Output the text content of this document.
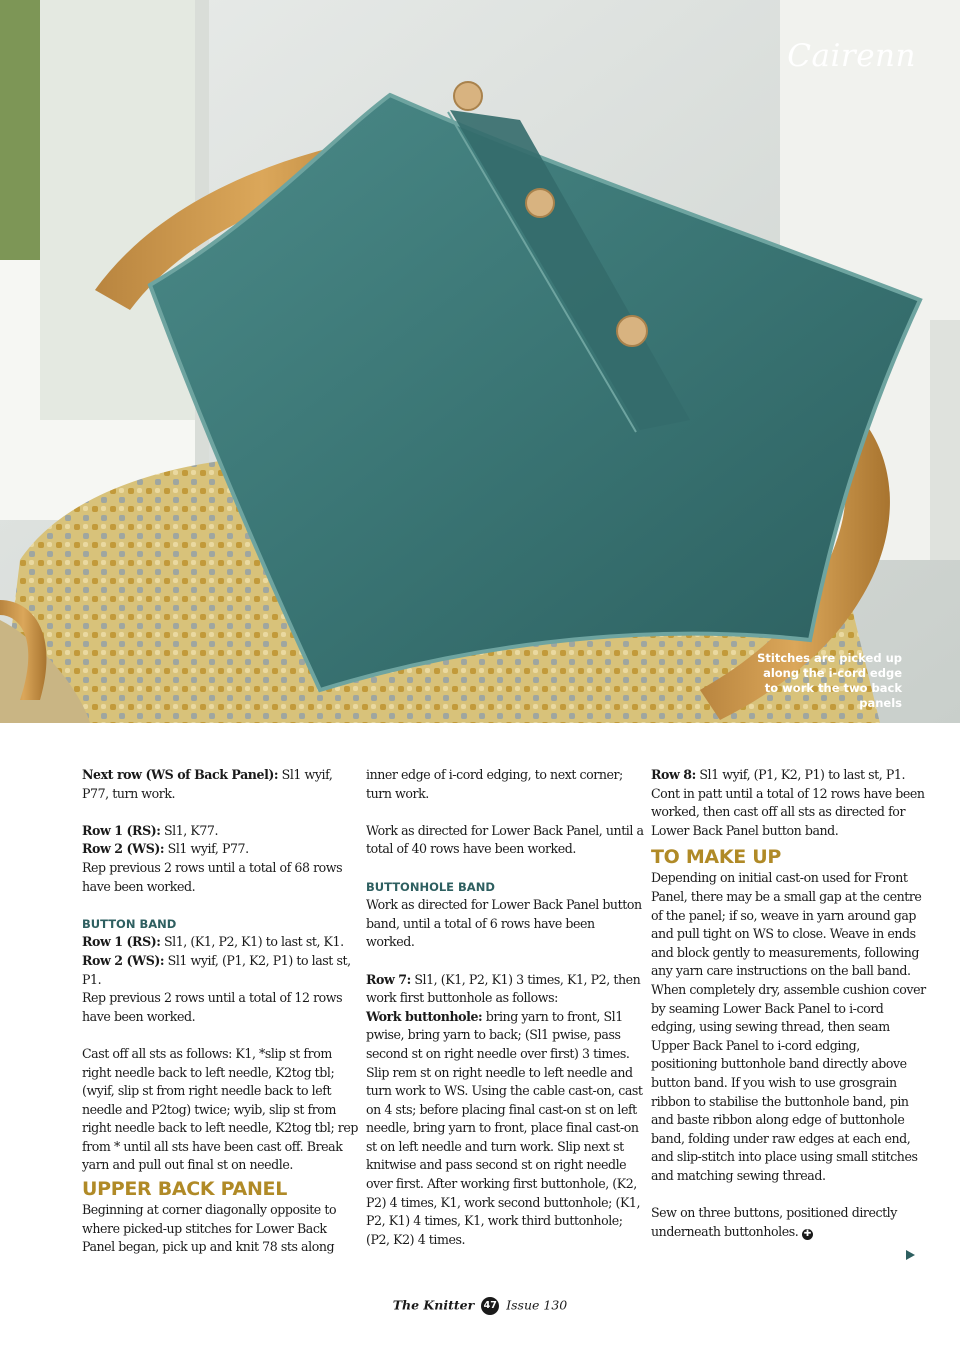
Cairenn
Stitches are picked up along the i-cord edge to work the two back panels

Next row (WS of Back Panel): Sl1 wyif, P77, turn work.

Row 1 (RS): Sl1, K77.

Row 2 (WS): Sl1 wyif, P77.

Rep previous 2 rows until a total of 68 rows have been worked.

BUTTON BAND

Row 1 (RS): Sl1, (K1, P2, K1) to last st, K1.

Row 2 (WS): Sl1 wyif, (P1, K2, P1) to last st, P1.

Rep previous 2 rows until a total of 12 rows have been worked.

Cast off all sts as follows: K1, *slip st from right needle back to left needle, K2tog tbl; (wyif, slip st from right needle back to left needle and P2tog) twice; wyib, slip st from right needle back to left needle, K2tog tbl; rep from * until all sts have been cast off. Break yarn and pull out final st on needle.

UPPER BACK PANEL

Beginning at corner diagonally opposite to where picked-up stitches for Lower Back Panel began, pick up and knit 78 sts along

inner edge of i-cord edging, to next corner; turn work.

Work as directed for Lower Back Panel, until a total of 40 rows have been worked.

BUTTONHOLE BAND

Work as directed for Lower Back Panel button band, until a total of 6 rows have been worked.

Row 7: Sl1, (K1, P2, K1) 3 times, K1, P2, then work first buttonhole as follows:

Work buttonhole: bring yarn to front, Sl1 pwise, bring yarn to back; (Sl1 pwise, pass second st on right needle over first) 3 times. Slip rem st on right needle to left needle and turn work to WS. Using the cable cast-on, cast on 4 sts; before placing final cast-on st on left needle, bring yarn to front, place final cast-on st on left needle and turn work. Slip next st knitwise and pass second st on right needle over first. After working first buttonhole, (K2, P2) 4 times, K1, work second buttonhole; (K1, P2, K1) 4 times, K1, work third buttonhole; (P2, K2) 4 times.

Row 8: Sl1 wyif, (P1, K2, P1) to last st, P1. Cont in patt until a total of 12 rows have been worked, then cast off all sts as directed for Lower Back Panel button band.

TO MAKE UP

Depending on initial cast-on used for Front Panel, there may be a small gap at the centre of the panel; if so, weave in yarn around gap and pull tight on WS to close. Weave in ends and block gently to measurements, following any yarn care instructions on the ball band.

When completely dry, assemble cushion cover by seaming Lower Back Panel to i-cord edging, using sewing thread, then seam Upper Back Panel to i-cord edging, positioning buttonhole band directly above button band. If you wish to use grosgrain ribbon to stabilise the buttonhole band, pin and baste ribbon along edge of buttonhole band, folding under raw edges at each end, and slip-stitch into place using small stitches and matching sewing thread.

Sew on three buttons, positioned directly underneath buttonholes. ✚

The Knitter 47 Issue 130
